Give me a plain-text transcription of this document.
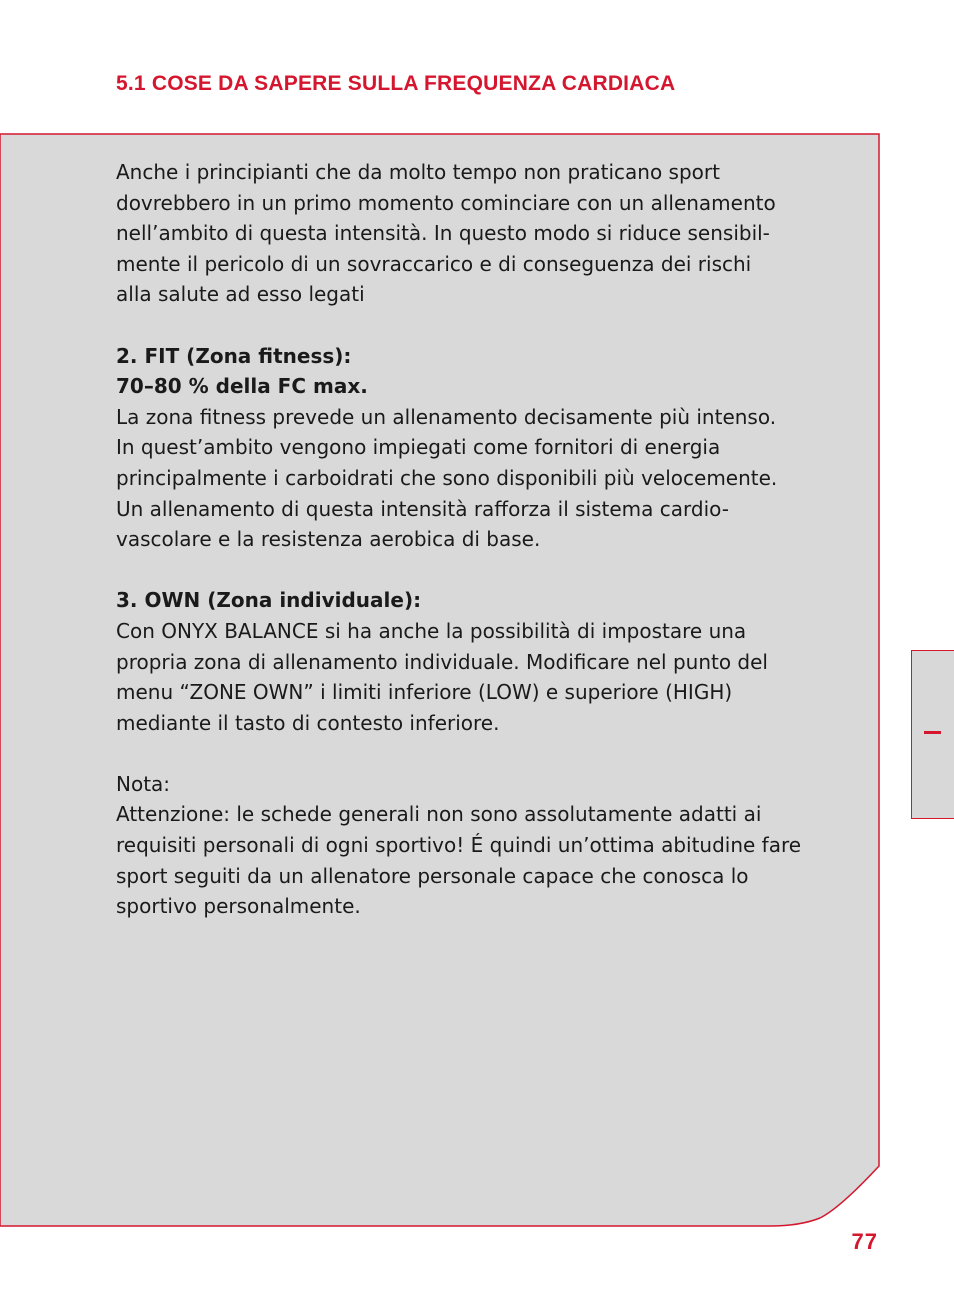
5.1 COSE DA SAPERE SULLA FREQUENZA CARDIACA
Anche i principianti che da molto tempo non praticano sport
dovrebbero in un primo momento cominciare con un allenamento
nell’ambito di questa intensità. In questo modo si riduce sensibil-
mente il pericolo di un sovraccarico e di conseguenza dei rischi
alla salute ad esso legati
2. FIT (Zona fitness):
70–80 % della FC max.
La zona fitness prevede un allenamento decisamente più intenso.
In quest’ambito vengono impiegati come fornitori di energia
principalmente i carboidrati che sono disponibili più velocemente.
Un allenamento di questa intensità rafforza il sistema cardio-
vascolare e la resistenza aerobica di base.
3. OWN (Zona individuale):
Con ONYX BALANCE si ha anche la possibilità di impostare una
propria zona di allenamento individuale. Modificare nel punto del
menu “ZONE OWN” i limiti inferiore (LOW) e superiore (HIGH)
mediante il tasto di contesto inferiore.
Nota:
Attenzione: le schede generali non sono assolutamente adatti ai
requisiti personali di ogni sportivo! É quindi un’ottima abitudine fare
sport seguiti da un allenatore personale capace che conosca lo
sportivo personalmente.
77
